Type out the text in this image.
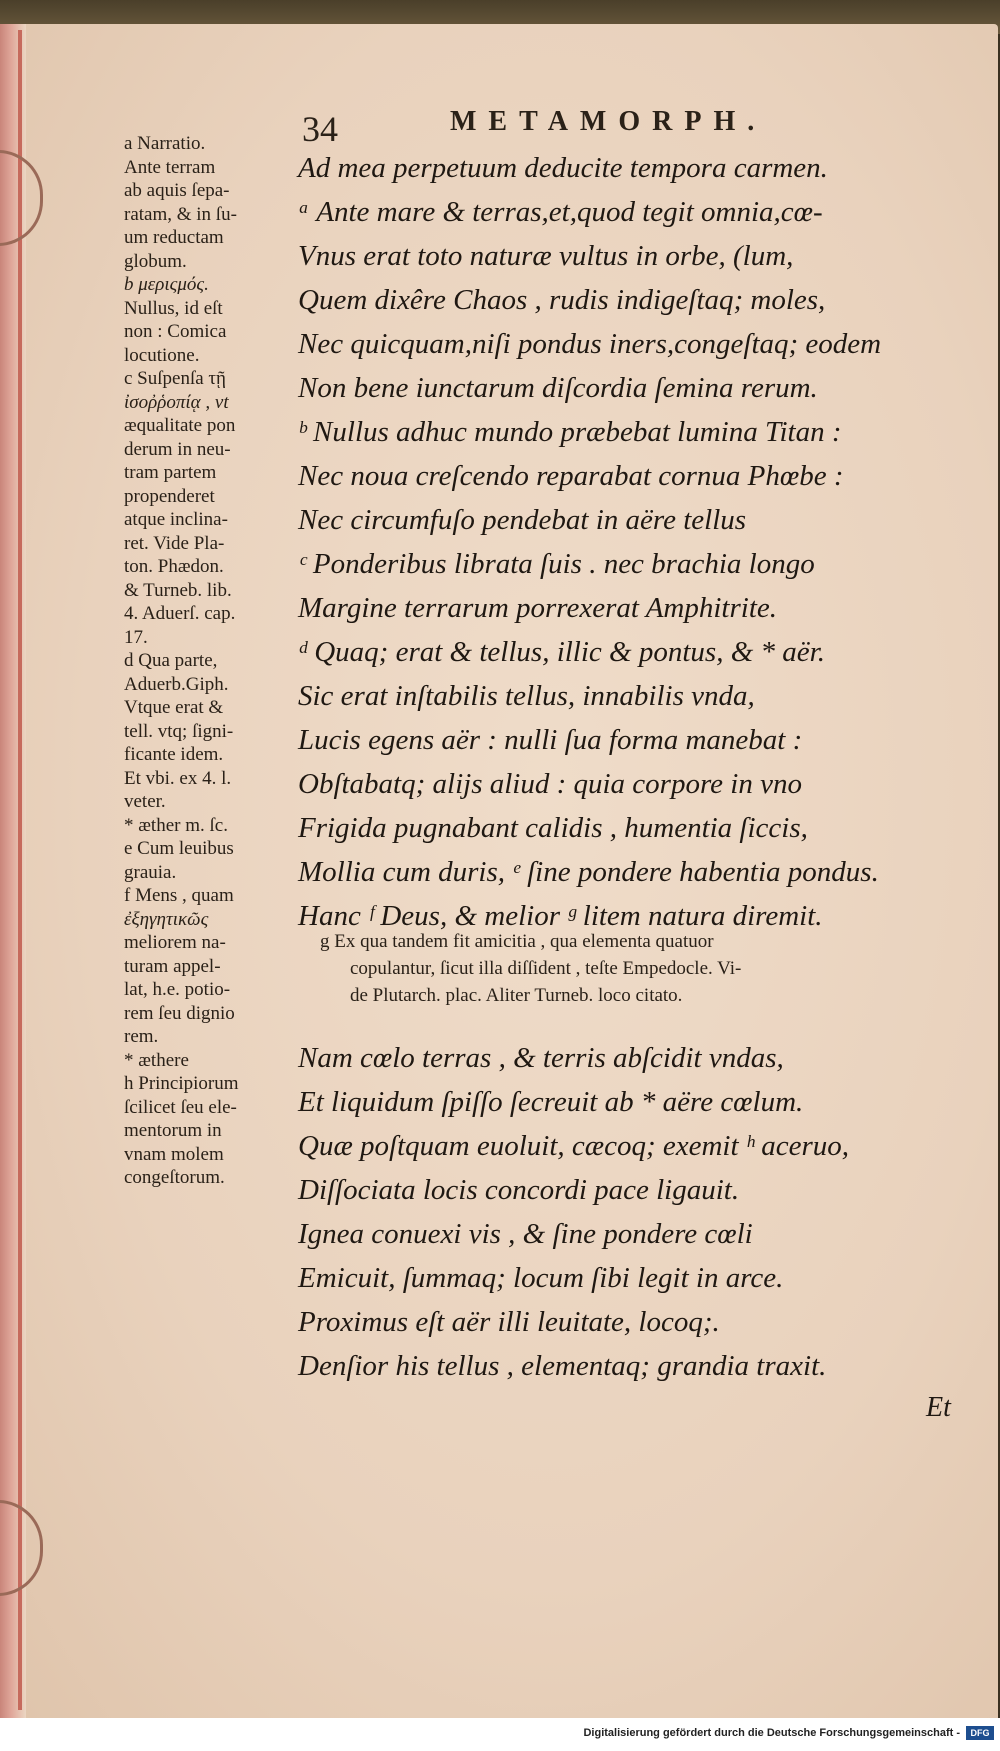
34	METAMORPH.
a Narratio.
Ante terram
ab aquis ſepa-
ratam, & in ſu-
um reductam
globum.
b μεριςμός.
Nullus, id eſt
non : Comica
locutione.
c Suſpenſa τῇ
ἰσοῤῥοπίᾳ , vt
æqualitate pon
derum in neu-
tram partem
propenderet
atque inclina-
ret. Vide Pla-
ton. Phædon.
& Turneb. lib.
4. Aduerſ. cap.
17.
d Qua parte,
Aduerb.Giph.
Vtque erat &
tell. vtq; ſigni-
ficante idem.
Et vbi. ex 4. l.
veter.
* æther m. ſc.
e Cum leuibus
grauia.
f Mens , quam
ἐξηγητικῶς
meliorem na-
turam appel-
lat, h.e. potio-
rem ſeu dignio
rem.
* æthere
h Principiorum
ſcilicet ſeu ele-
mentorum in
vnam molem
congeſtorum.
Ad mea perpetuum deducite tempora carmen.
ᵃ Ante mare & terras,et,quod tegit omnia,cœ-
Vnus erat toto naturæ vultus in orbe, (lum,
Quem dixêre Chaos , rudis indigeſtaq; moles,
Nec quicquam,niſi pondus iners,congeſtaq; eodem
Non bene iunctarum diſcordia ſemina rerum.
ᵇ Nullus adhuc mundo præbebat lumina Titan :
Nec noua creſcendo reparabat cornua Phœbe :
Nec circumfuſo pendebat in aëre tellus
ᶜ Ponderibus librata ſuis . nec brachia longo
Margine terrarum porrexerat Amphitrite.
ᵈ Quaq; erat & tellus, illic & pontus, & * aër.
Sic erat inſtabilis tellus, innabilis vnda,
Lucis egens aër : nulli ſua forma manebat :
Obſtabatq; alijs aliud : quia corpore in vno
Frigida pugnabant calidis , humentia ſiccis,
Mollia cum duris, ᵉ ſine pondere habentia pondus.
Hanc ᶠ Deus, & melior ᵍ litem natura diremit.
g Ex qua tandem fit amicitia , qua elementa quatuor
copulantur, ſicut illa diſſident , teſte Empedocle. Vi-
de Plutarch. plac. Aliter Turneb. loco citato.
Nam cœlo terras , & terris abſcidit vndas,
Et liquidum ſpiſſo ſecreuit ab * aëre cœlum.
Quæ poſtquam euoluit, cæcoq; exemit ʰ aceruo,
Diſſociata locis concordi pace ligauit.
Ignea conuexi vis , & ſine pondere cœli
Emicuit, ſummaq; locum ſibi legit in arce.
Proximus eſt aër illi leuitate, locoq;.
Denſior his tellus , elementaq; grandia traxit.
Et
Digitalisierung gefördert durch die Deutsche Forschungsgemeinschaft -	DFG
